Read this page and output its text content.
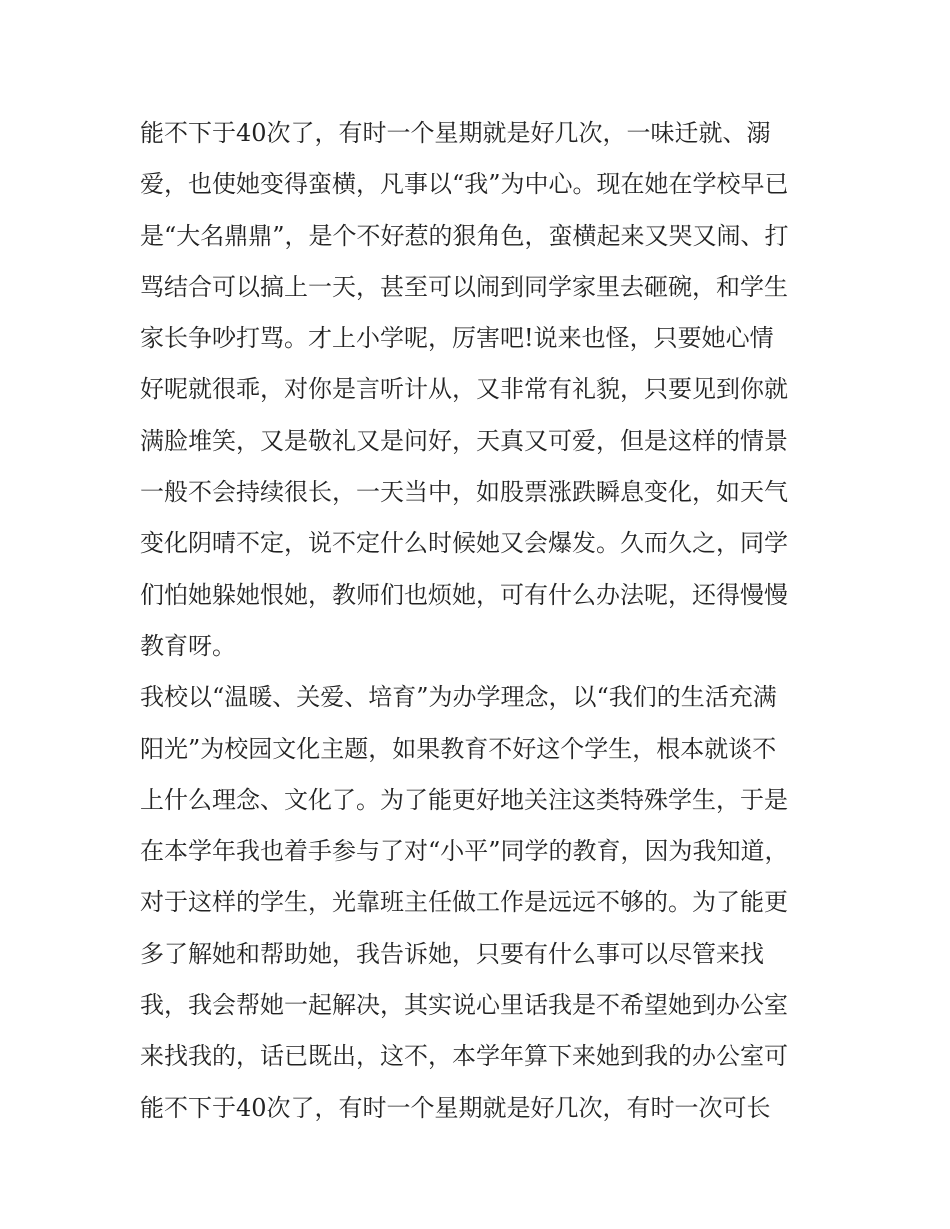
能不下于40次了，有时一个星期就是好几次，一味迁就、溺
爱，也使她变得蛮横，凡事以“我”为中心。现在她在学校早已
是“大名鼎鼎”，是个不好惹的狠角色，蛮横起来又哭又闹、打
骂结合可以搞上一天，甚至可以闹到同学家里去砸碗，和学生
家长争吵打骂。才上小学呢，厉害吧!说来也怪，只要她心情
好呢就很乖，对你是言听计从，又非常有礼貌，只要见到你就
满脸堆笑，又是敬礼又是问好，天真又可爱，但是这样的情景
一般不会持续很长，一天当中，如股票涨跌瞬息变化，如天气
变化阴晴不定，说不定什么时候她又会爆发。久而久之，同学
们怕她躲她恨她，教师们也烦她，可有什么办法呢，还得慢慢
教育呀。
我校以“温暖、关爱、培育”为办学理念，以“我们的生活充满
阳光”为校园文化主题，如果教育不好这个学生，根本就谈不
上什么理念、文化了。为了能更好地关注这类特殊学生，于是
在本学年我也着手参与了对“小平”同学的教育，因为我知道，
对于这样的学生，光靠班主任做工作是远远不够的。为了能更
多了解她和帮助她，我告诉她，只要有什么事可以尽管来找
我，我会帮她一起解决，其实说心里话我是不希望她到办公室
来找我的，话已既出，这不，本学年算下来她到我的办公室可
能不下于40次了，有时一个星期就是好几次，有时一次可长
